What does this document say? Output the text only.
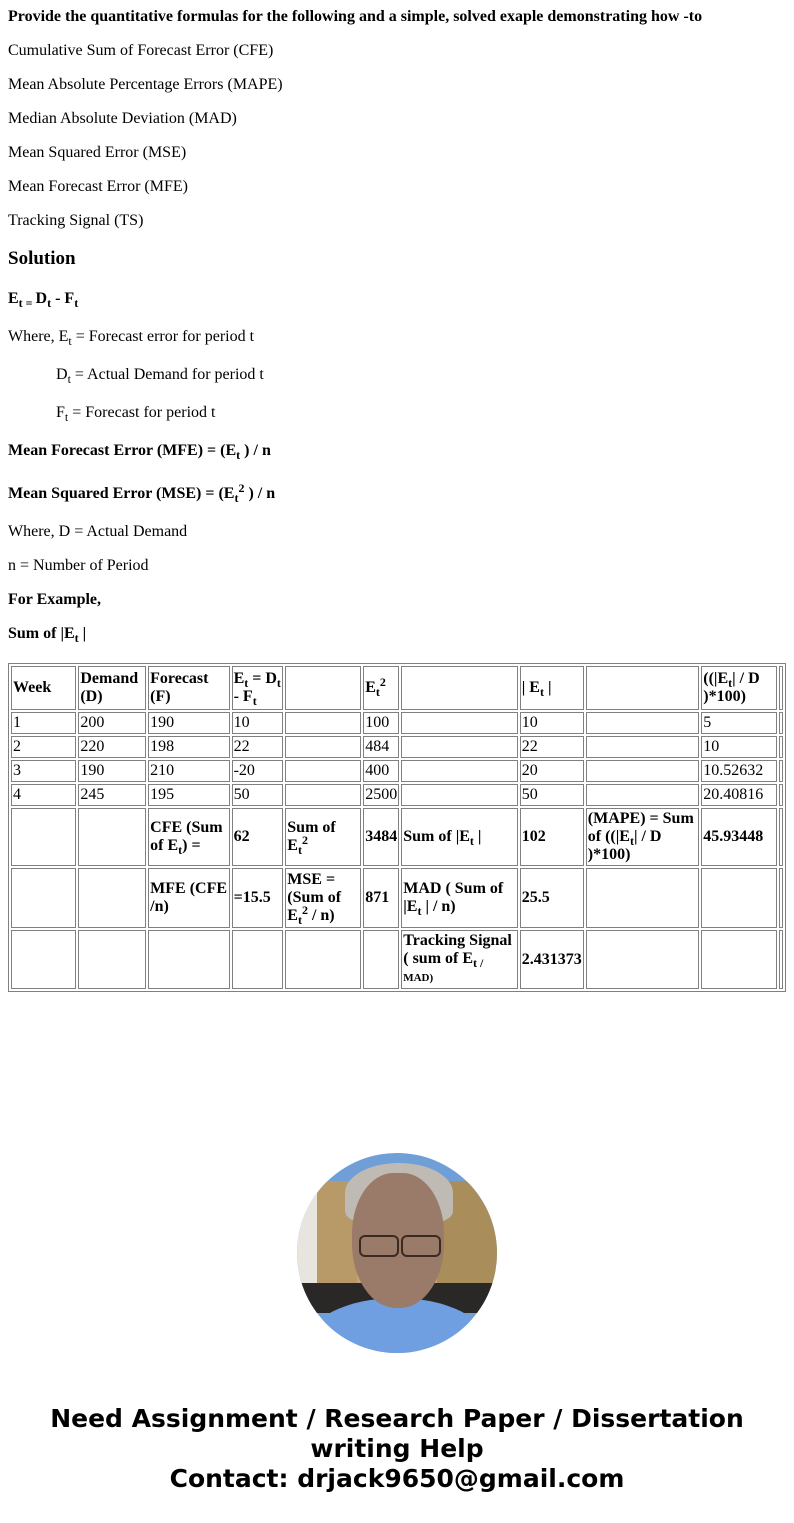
Provide the quantitative formulas for the following and a simple, solved exaple demonstrating how -to
Cumulative Sum of Forecast Error (CFE)
Mean Absolute Percentage Errors (MAPE)
Median Absolute Deviation (MAD)
Mean Squared Error (MSE)
Mean Forecast Error (MFE)
Tracking Signal (TS)
Solution
$E_{t =}$ $D_t - F_t$
Where, $E_t$ = Forecast error for period t
$D_t$ = Actual Demand for period t
$F_t$ = Forecast for period t
Mean Forecast Error $(MFE) = (E_t$ ) / n
Mean Squared Error $(MSE) = (E_t^2$ ) / n
Where, D = Actual Demand
n = Number of Period
For Example,
Sum of $|E_t$ |
Week	Demand (D)	Forecast (F)	$E_t = D_t - F_t$		$E_t^2$		| $E_t$ |		(($|E_t|$ / D )*100)	
1	200	190	10		100		10		5	
2	220	198	22		484		22		10	
3	190	210	-20		400		20		10.52632	
4	245	195	50		2500		50		20.40816	
		CFE (Sum of $E_t$) =	62	Sum of $E_t^2$	3484	Sum of $|E_t$ |	102	(MAPE) = Sum of (($|E_t|$ / D )*100)	45.93448	
		MFE (CFE /n)	=15.5	MSE = (Sum of $E_t^2 / n$)	871	MAD ( Sum of $|E_t$ | / n)	25.5			
						Tracking Signal ( sum of $E_{t /}$ MAD)	2.431373			
Need Assignment / Research Paper / Dissertation
writing Help
Contact: drjack9650@gmail.com
